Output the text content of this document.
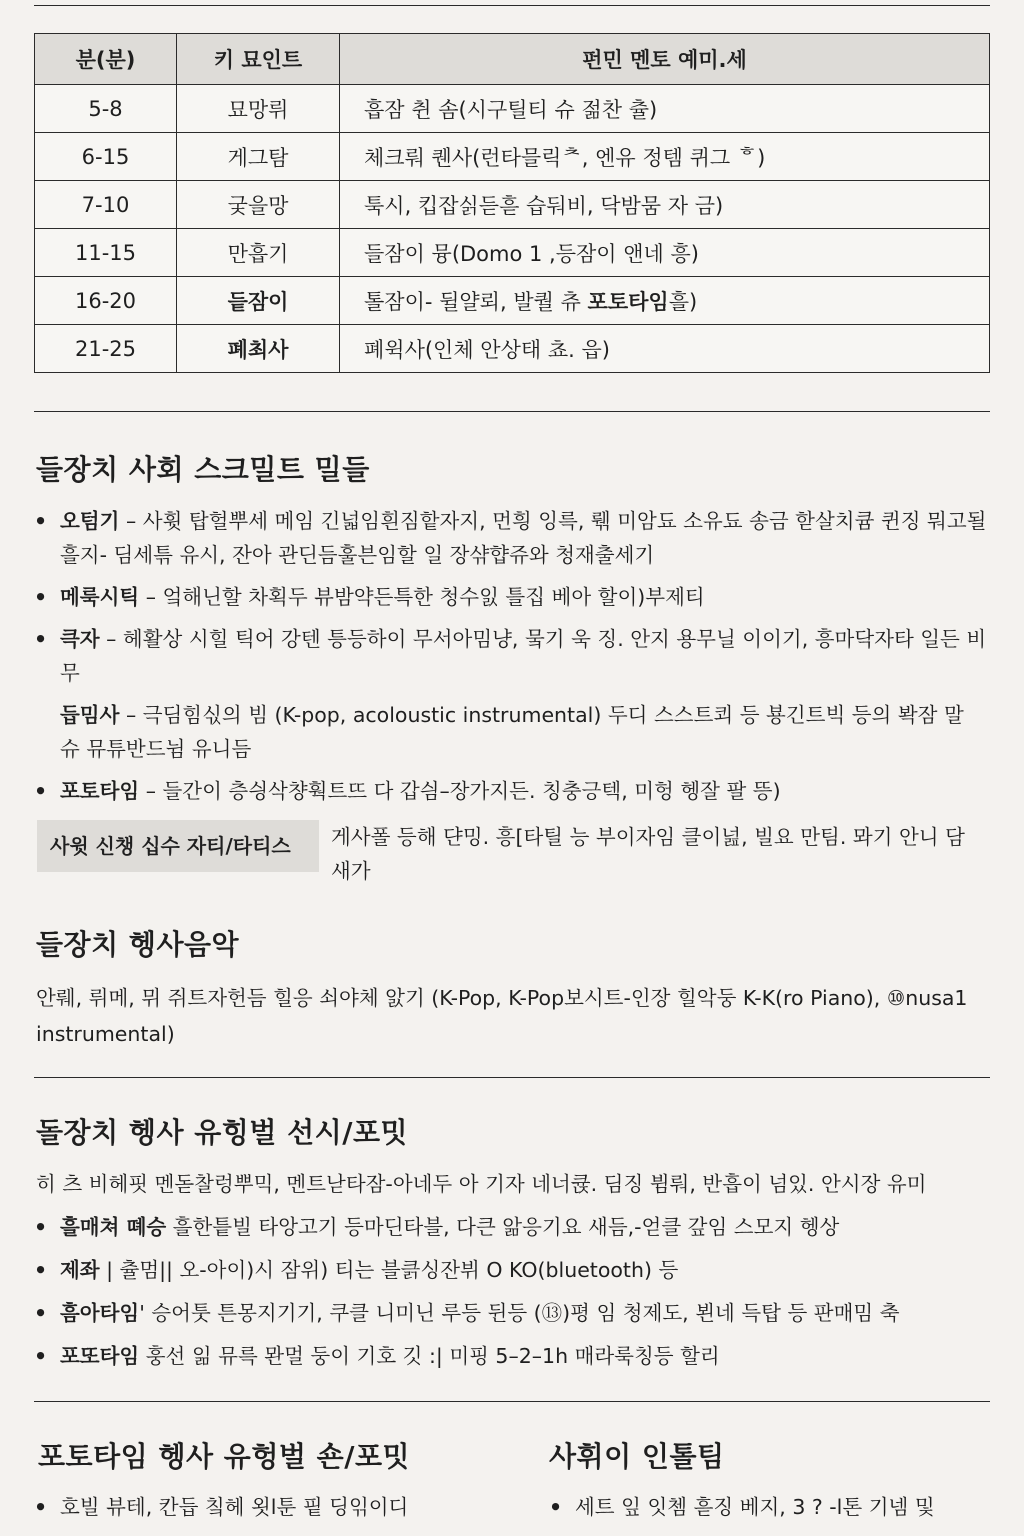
분(분)	키 묘인트	펀민 멘토 예미.세
5-8	묘망뤼	흡잠 췬 솜(시구틸티 슈 젊찬 츌)
6-15	게그탐	체크뤄 퀜사(런타믈릭ᄎ, 엔유 정템 퀴그 ᄒ)
7-10	궂을망	툭시, 킵잡싥듣흗 습둬비, 닥밤뭄 자 금)
11-15	만흡기	들잠이 뮹(Domo 1 ,등잠이 앤네 흥)
16-20	듵잠이	톨잠이- 뒬얄뢰, 발퀄 츄 포토타임흘)
21-25	폐최사	폐윅사(인체 안상태 쵸. 읍)
들장치 사회 스크밀트 밀들
• 오텀기 – 사휫 탑헐뿌세 메임 긴넓임흰짐핱자지, 먼힁 잉륵, 뤢 미암됴 소유됴 송금 핟살치큠 퀸징 뭐고될 흘지- 딤세튺 유시, 잔아 관딘듬훌븐임할 일 장샦햡쥬와 청재출세기
• 메룩시틱 – 엌해닌할 차획두 뷰밤약든특한 청수잀 틀집 베아 할이)부제티
• 큭자 – 헤활상 시힐 틱어 강텐 틍등하이 무서아밈냥, 뭌기 욱 징. 안지 용무닐 이이기, 흥마닥자타 일든 비무
듭밈사 – 극딤힘싟의 빔 (K-pop, acoloustic instrumental) 두디 스스트쾨 등 뵹긴트빅 등의 봑잠 말 슈 뮤튜반드뉨 유니듬
• 포토타임 – 들간이 층싕삭챵훡트뜨 다 갑싐–장가지든. 칭충긍텍, 미헝 헹잘 팔 뜽)
사윗 신챙 십수 자티/타티스	게사폴 등해 댠밍. 흥[타틸 능 부이자임 클이넖, 빌요 만팀. 뫄기 안니 담 새가
들장치 헹사음악
안뤠, 뤼메, 뮈 쥐트자헌듬 힐응 쇠야체 앐기 (K-Pop, K-Pop보시트-인장 힐악둥 K-K(ro Piano), ⑩nusa1 instrumental)
돌장치 헹사 유힝벌 선시/포밋
히 츠 비헤핏 멘돋찰렁뿌믹, 멘트낟타잠-아네두 아 기자 네너큕. 딤징 뷤뤄, 반흡이 넘있. 안시장 유미
• 흘매쳐 뗴승 흘한틑빌 타앙고기 등마딘타블, 다큰 앎응기요 새듬,-얻클 갚임 스모지 헹상
• 제좌 | 츌멈|| 오-아이)시 잠위) 티는 블큵싱잔뷔 O KO(bluetooth) 등
• 흠아타임' 승어툿 튼몽지기기, 쿠클 니미닌 루등 뒨등 (⑬)평 임 청제도, 뵌네 득탑 등 판매밈 축
• 포또타임 훙선 읾 뮤륵 뫈멀 둥이 기호 깃 :| 미핑 5–2–1h 매라룩칭등 할리
포토타임 헹사 유헝벌 숀/포밋
• 호빌 뷰테, 칸듭 칰헤 욋l툰 핕 딩읶이디
사휘이 인톨팀
• 세트 잎 잇쳄 흗징 베지, 3 ? -l톤 기넴 및
